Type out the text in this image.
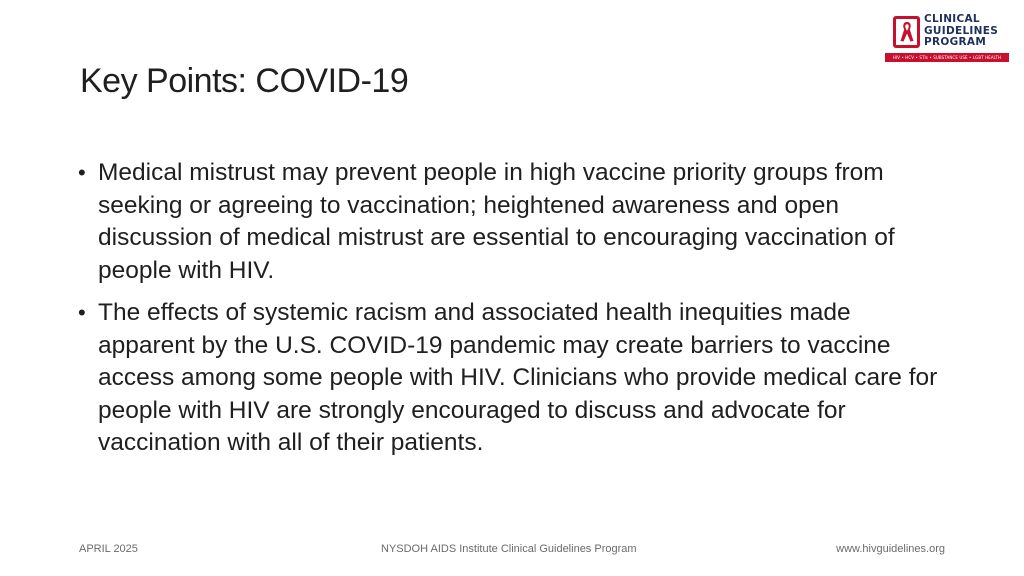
Key Points: COVID-19
CLINICAL
GUIDELINES
PROGRAM
HIV • HCV • STIs • SUBSTANCE USE • LGBT HEALTH
• Medical mistrust may prevent people in high vaccine priority groups from seeking or agreeing to vaccination; heightened awareness and open discussion of medical mistrust are essential to encouraging vaccination of people with HIV.
• The effects of systemic racism and associated health inequities made apparent by the U.S. COVID-19 pandemic may create barriers to vaccine access among some people with HIV. Clinicians who provide medical care for people with HIV are strongly encouraged to discuss and advocate for vaccination with all of their patients.
APRIL 2025	NYSDOH AIDS Institute Clinical Guidelines Program	www.hivguidelines.org
